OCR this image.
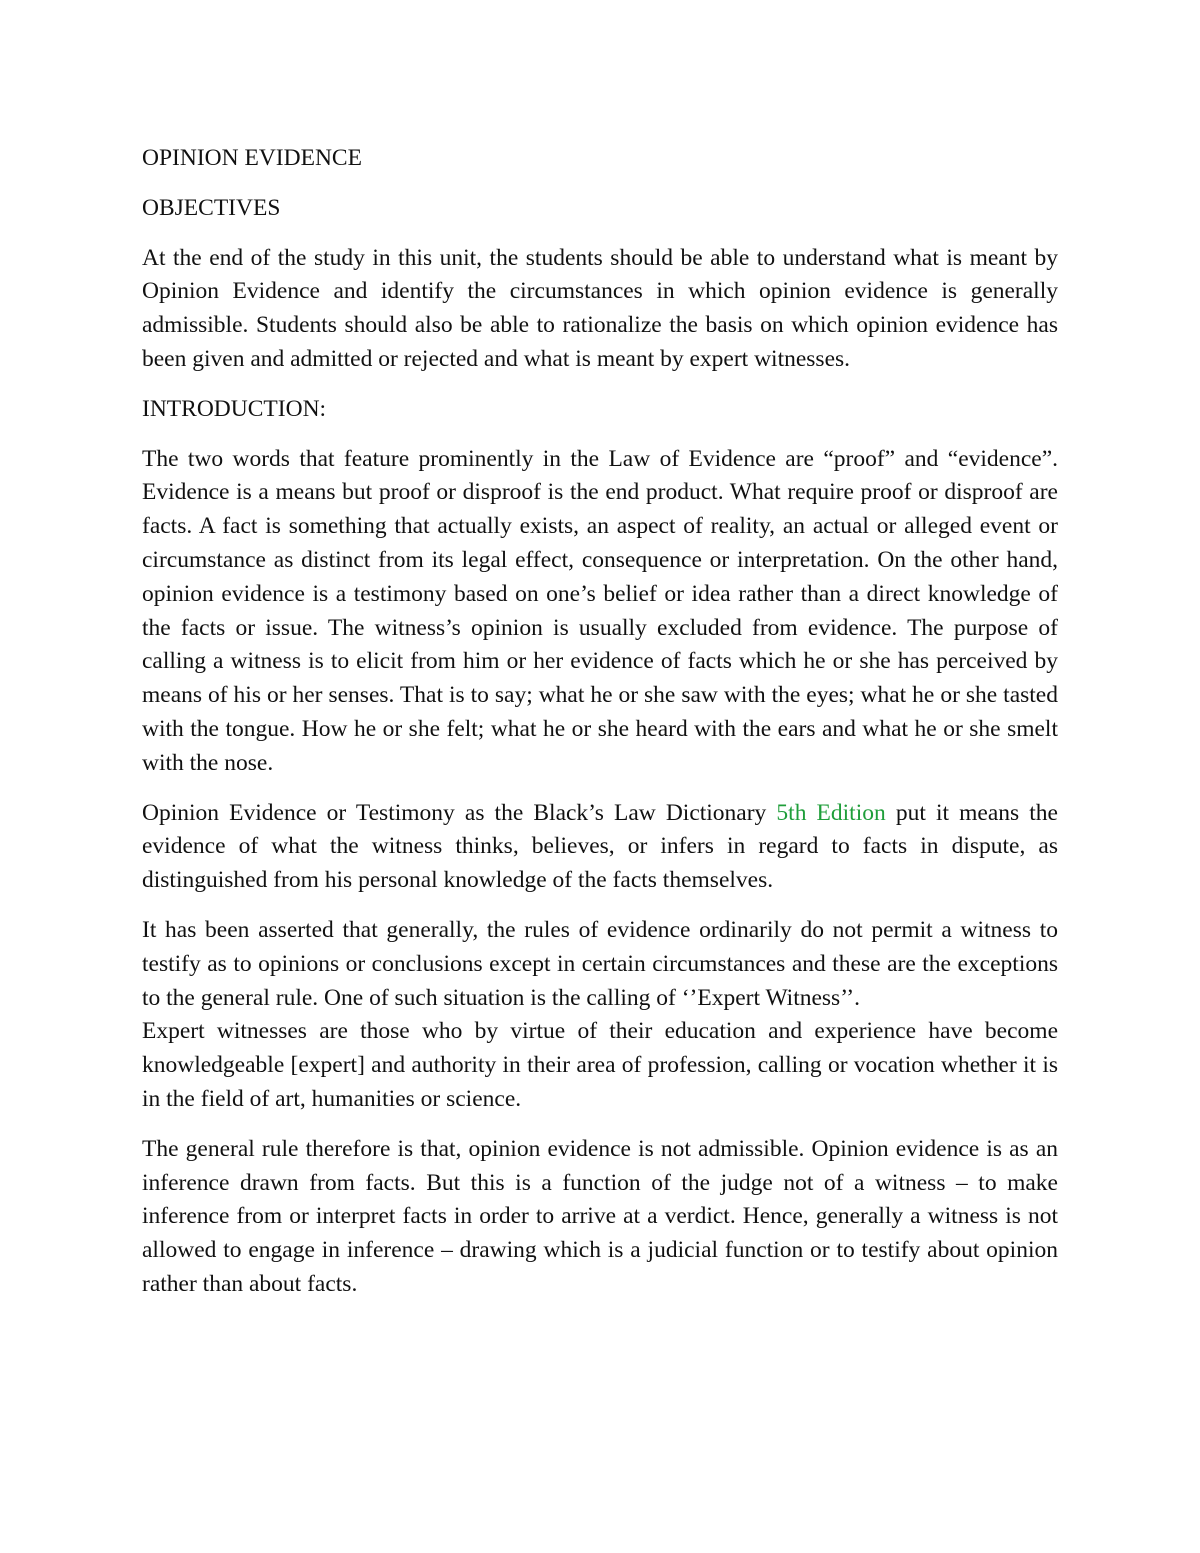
OPINION EVIDENCE

OBJECTIVES

At the end of the study in this unit, the students should be able to understand what is meant by Opinion Evidence and identify the circumstances in which opinion evidence is generally admissible. Students should also be able to rationalize the basis on which opinion evidence has been given and admitted or rejected and what is meant by expert witnesses.

INTRODUCTION:

The two words that feature prominently in the Law of Evidence are “proof” and “evidence”. Evidence is a means but proof or disproof is the end product. What require proof or disproof are facts. A fact is something that actually exists, an aspect of reality, an actual or alleged event or circumstance as distinct from its legal effect, consequence or interpretation. On the other hand, opinion evidence is a testimony based on one’s belief or idea rather than a direct knowledge of the facts or issue. The witness’s opinion is usually excluded from evidence. The purpose of calling a witness is to elicit from him or her evidence of facts which he or she has perceived by means of his or her senses. That is to say; what he or she saw with the eyes; what he or she tasted with the tongue. How he or she felt; what he or she heard with the ears and what he or she smelt with the nose.

Opinion Evidence or Testimony as the Black’s Law Dictionary 5th Edition put it means the evidence of what the witness thinks, believes, or infers in regard to facts in dispute, as distinguished from his personal knowledge of the facts themselves.

It has been asserted that generally, the rules of evidence ordinarily do not permit a witness to testify as to opinions or conclusions except in certain circumstances and these are the exceptions to the general rule. One of such situation is the calling of ‘’Expert Witness’’.

Expert witnesses are those who by virtue of their education and experience have become knowledgeable [expert] and authority in their area of profession, calling or vocation whether it is in the field of art, humanities or science.

The general rule therefore is that, opinion evidence is not admissible. Opinion evidence is as an inference drawn from facts. But this is a function of the judge not of a witness – to make inference from or interpret facts in order to arrive at a verdict. Hence, generally a witness is not allowed to engage in inference – drawing which is a judicial function or to testify about opinion rather than about facts.
